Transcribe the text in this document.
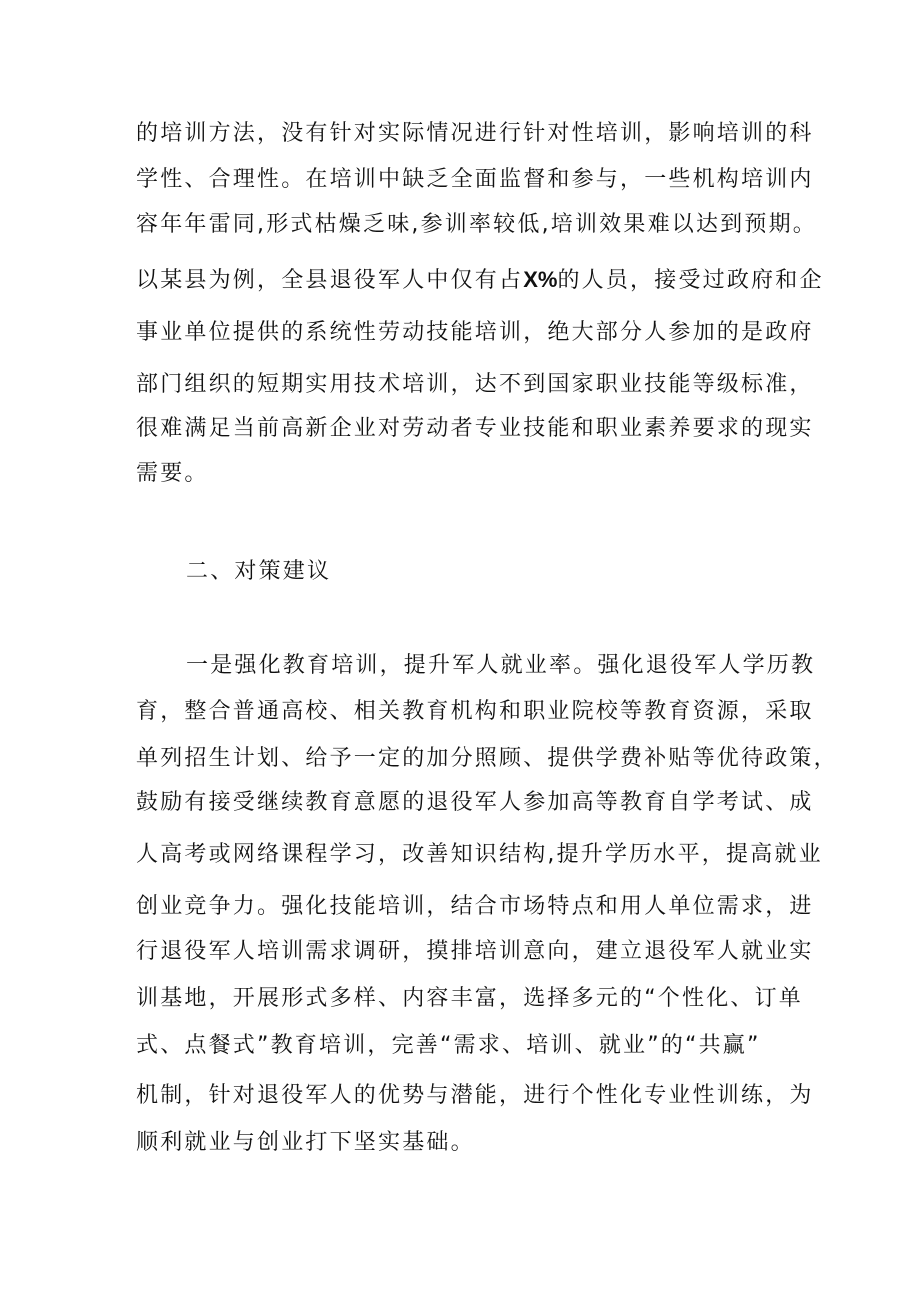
的培训方法，没有针对实际情况进行针对性培训，影响培训的科
学性、合理性。在培训中缺乏全面监督和参与，一些机构培训内
容年年雷同,形式枯燥乏味,参训率较低,培训效果难以达到预期。
以某县为例，全县退役军人中仅有占X%的人员，接受过政府和企
事业单位提供的系统性劳动技能培训，绝大部分人参加的是政府
部门组织的短期实用技术培训，达不到国家职业技能等级标准，
很难满足当前高新企业对劳动者专业技能和职业素养要求的现实
需要。
二、对策建议
一是强化教育培训，提升军人就业率。强化退役军人学历教
育，整合普通高校、相关教育机构和职业院校等教育资源，采取
单列招生计划、给予一定的加分照顾、提供学费补贴等优待政策，
鼓励有接受继续教育意愿的退役军人参加高等教育自学考试、成
人高考或网络课程学习，改善知识结构,提升学历水平，提高就业
创业竞争力。强化技能培训，结合市场特点和用人单位需求，进
行退役军人培训需求调研，摸排培训意向，建立退役军人就业实
训基地，开展形式多样、内容丰富，选择多元的“个性化、订单
式、点餐式”教育培训，完善“需求、培训、就业”的“共赢”
机制，针对退役军人的优势与潜能，进行个性化专业性训练，为
顺利就业与创业打下坚实基础。
